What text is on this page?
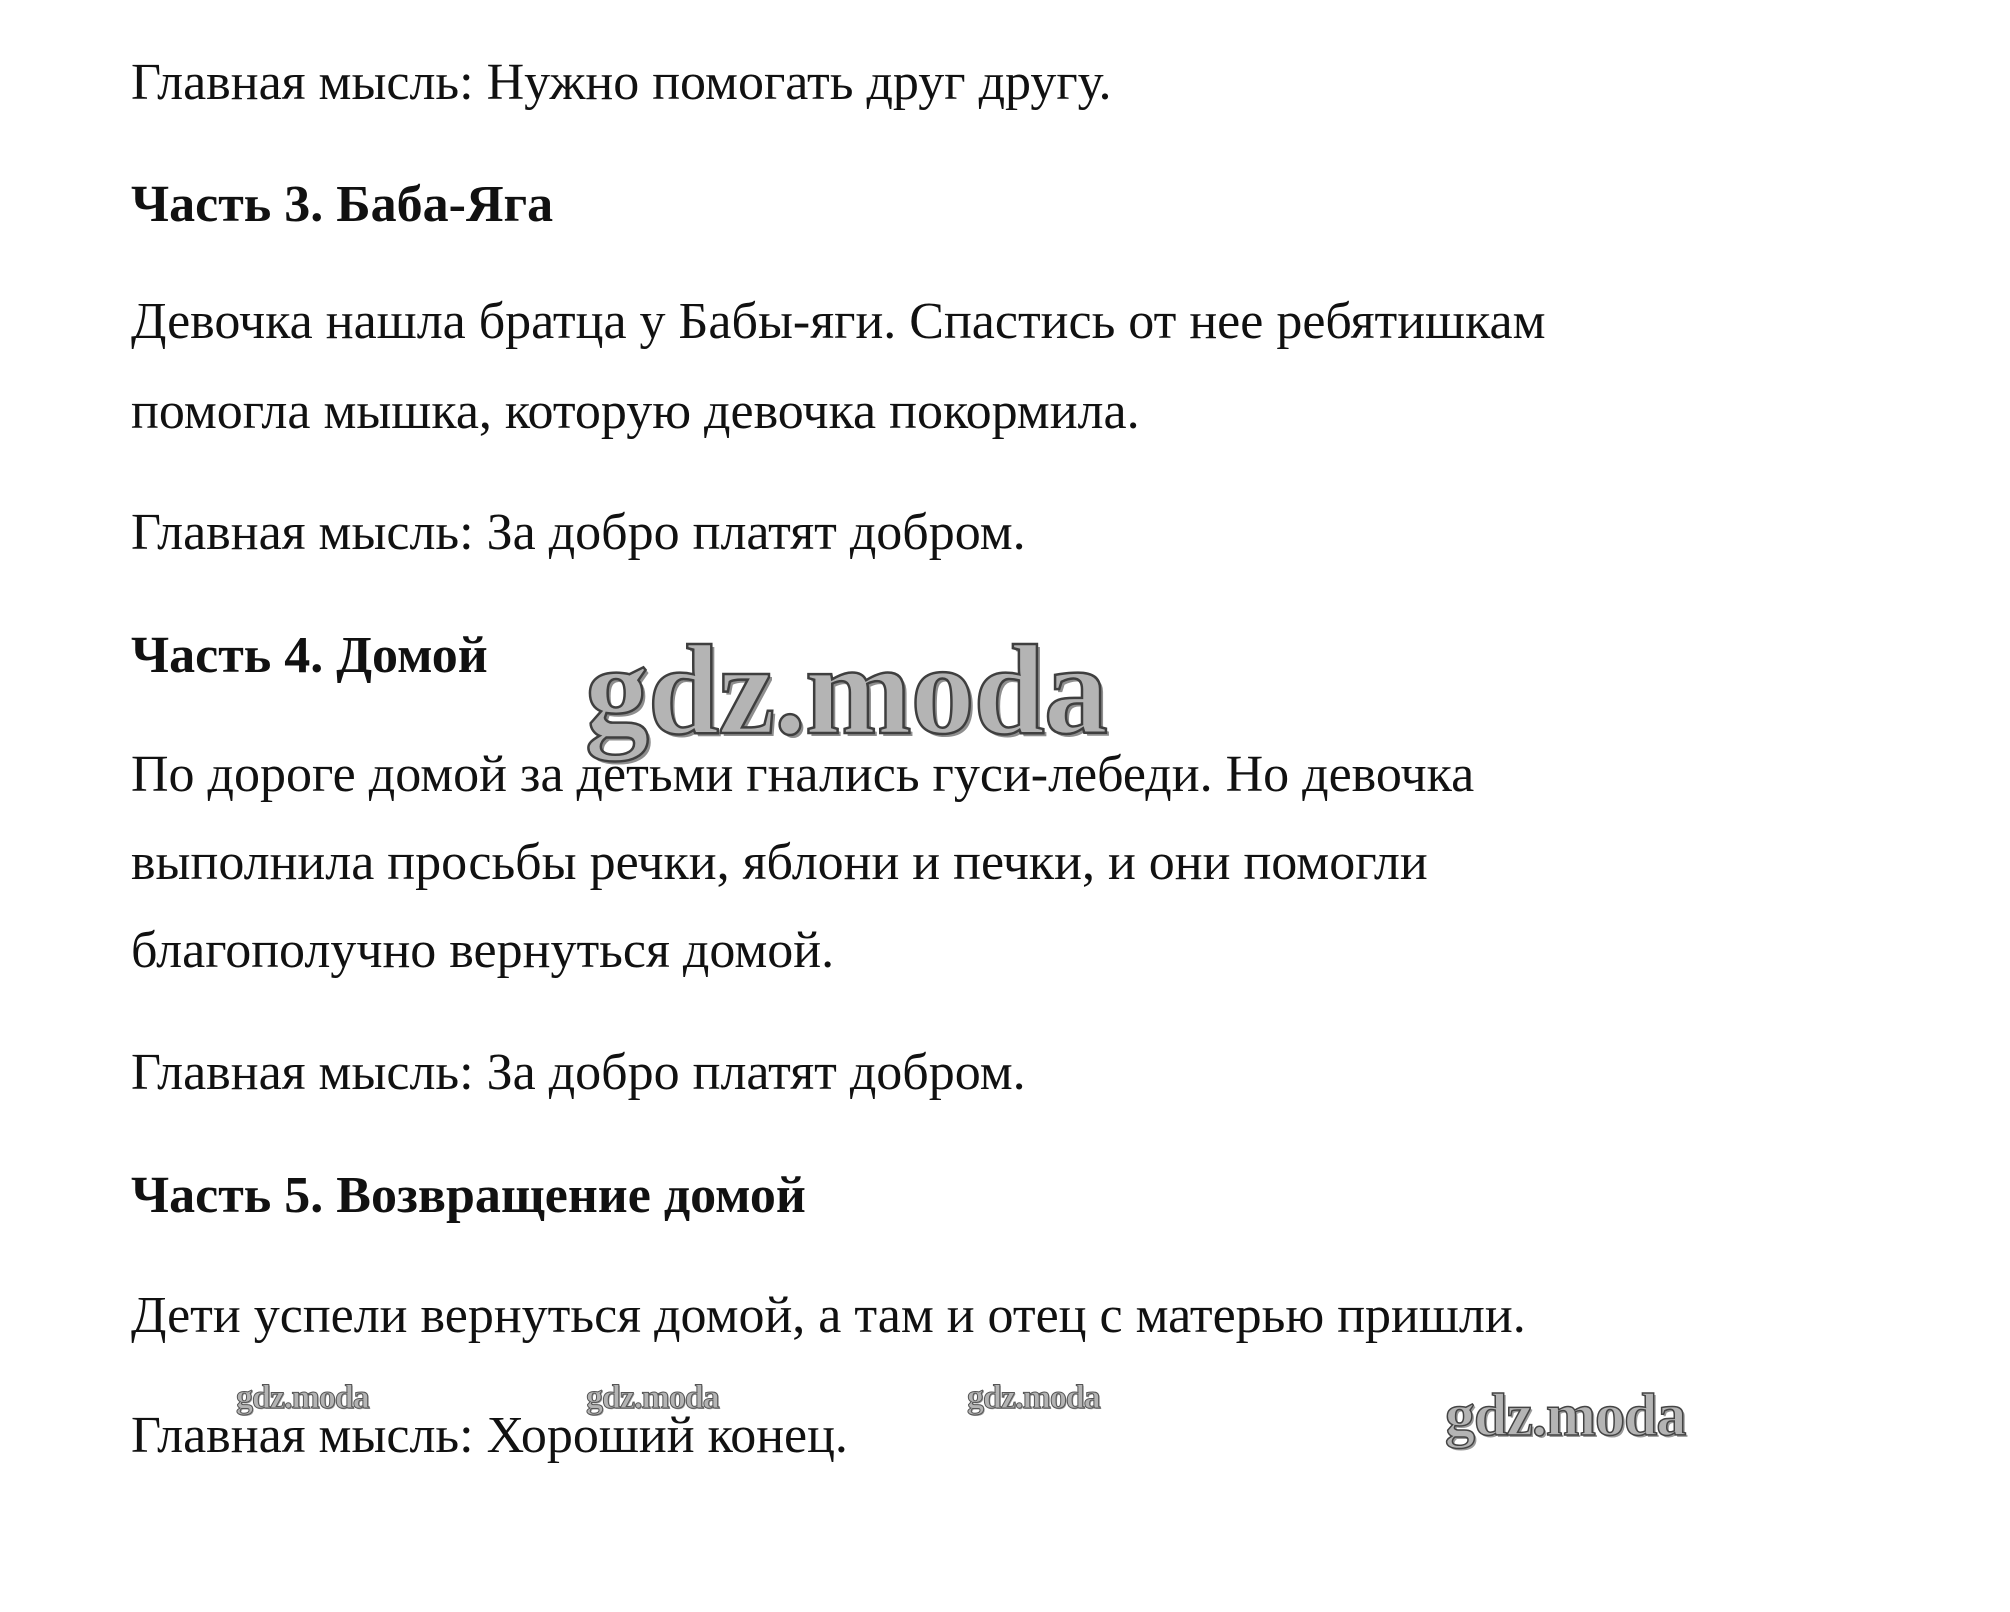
Главная мысль: Нужно помогать друг другу.
Часть 3. Баба-Яга
Девочка нашла братца у Бабы-яги. Спастись от нее ребятишкам
помогла мышка, которую девочка покормила.
Главная мысль: За добро платят добром.
Часть 4. Домой
По дороге домой за детьми гнались гуси-лебеди. Но девочка
выполнила просьбы речки, яблони и печки, и они помогли
благополучно вернуться домой.
Главная мысль: За добро платят добром.
Часть 5. Возвращение домой
Дети успели вернуться домой, а там и отец с матерью пришли.
Главная мысль: Хороший конец.
gdz.moda
gdz.moda	gdz.moda	gdz.moda	gdz.moda
